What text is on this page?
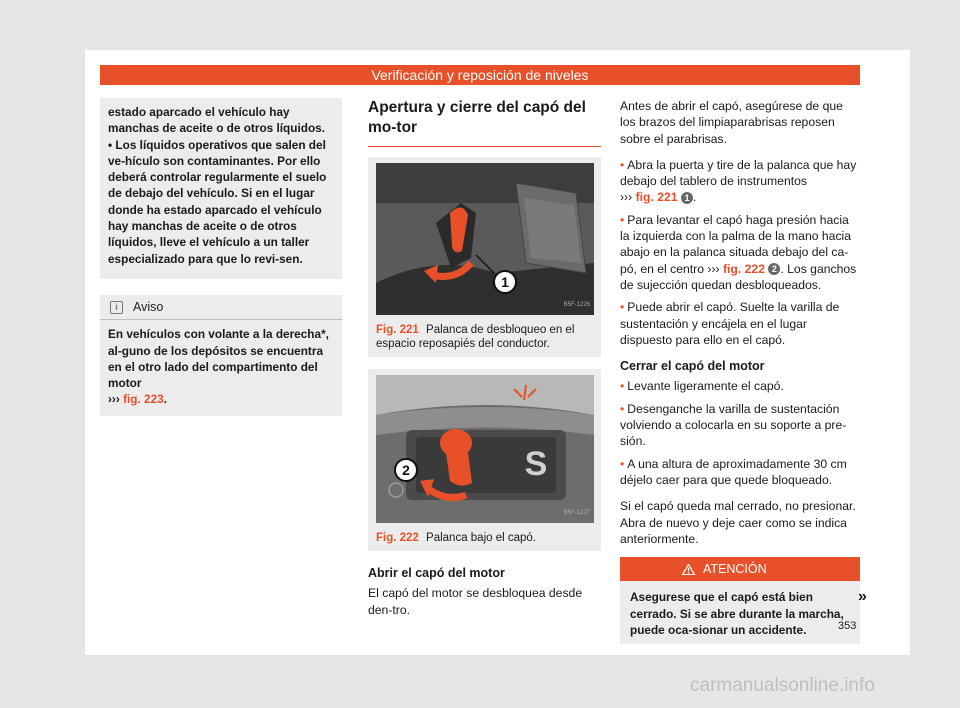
Verificación y reposición de niveles

estado aparcado el vehículo hay manchas de aceite o de otros líquidos.

• Los líquidos operativos que salen del ve-hículo son contaminantes. Por ello deberá controlar regularmente el suelo de debajo del vehículo. Si en el lugar donde ha estado aparcado el vehículo hay manchas de aceite o de otros líquidos, lleve el vehículo a un taller especializado para que lo revi-sen.

i	Aviso
En vehículos con volante a la derecha*, al-guno de los depósitos se encuentra en el otro lado del compartimento del motor
››› fig. 223.
Apertura y cierre del capó del mo-tor
1
B5F-1226
Fig. 221 Palanca de desbloqueo en el espacio reposapiés del conductor.
S
2
B5F-1227
Fig. 222 Palanca bajo el capó.
Abrir el capó del motor

El capó del motor se desbloquea desde den-tro.

Antes de abrir el capó, asegúrese de que los brazos del limpiaparabrisas reposen sobre el parabrisas.

• Abra la puerta y tire de la palanca que hay debajo del tablero de instrumentos
››› fig. 221 1 .

• Para levantar el capó haga presión hacia la izquierda con la palma de la mano hacia abajo en la palanca situada debajo del ca-pó, en el centro ››› fig. 222 2 . Los ganchos de sujección quedan desbloqueados.

• Puede abrir el capó. Suelte la varilla de sustentación y encájela en el lugar dispuesto para ello en el capó.

Cerrar el capó del motor

• Levante ligeramente el capó.

• Desenganche la varilla de sustentación volviendo a colocarla en su soporte a pre-sión.

• A una altura de aproximadamente 30 cm déjelo caer para que quede bloqueado.

Si el capó queda mal cerrado, no presionar. Abra de nuevo y deje caer como se indica anteriormente.

ATENCIÓN
Asegurese que el capó está bien cerrado. Si se abre durante la marcha, puede oca-sionar un accidente.
»
353
carmanualsonline.info
